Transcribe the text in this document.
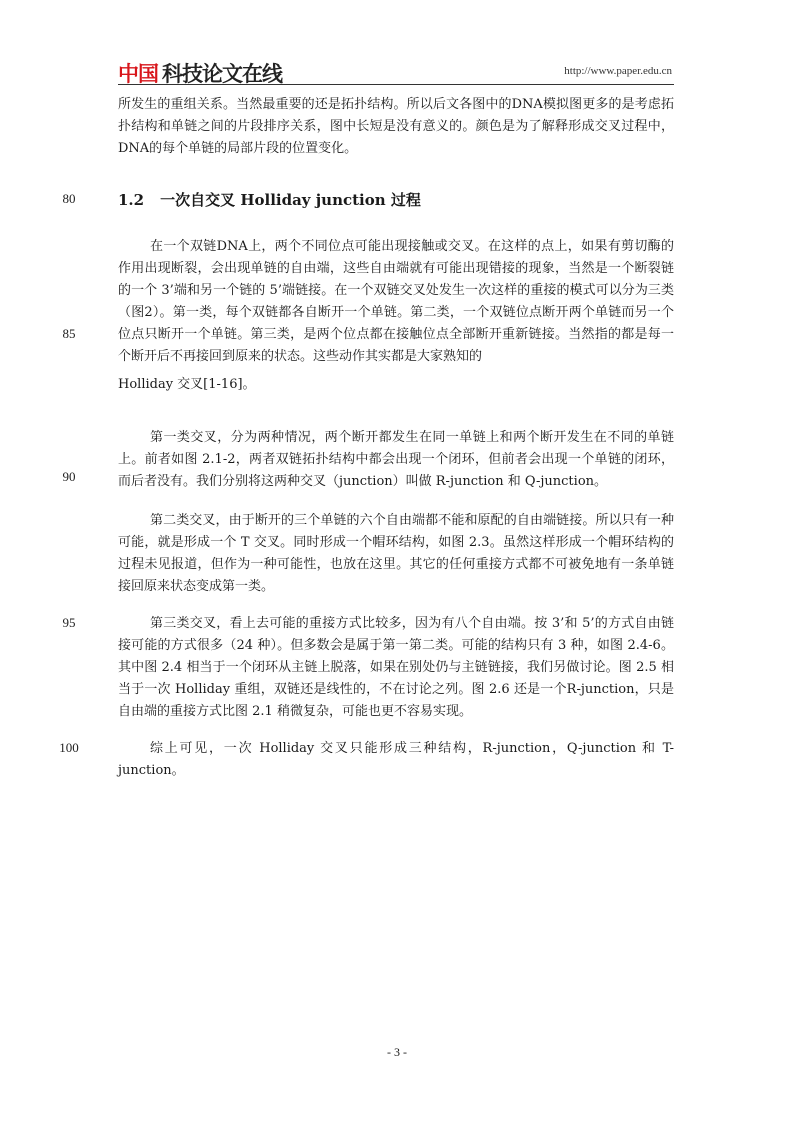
中国 科技论文在线	http://www.paper.edu.cn

所发生的重组关系。当然最重要的还是拓扑结构。所以后文各图中的DNA模拟图更多的是考虑拓扑结构和单链之间的片段排序关系，图中长短是没有意义的。颜色是为了解释形成交叉过程中，DNA的每个单链的局部片段的位置变化。

80	1.2 一次自交叉 Holliday junction 过程

在一个双链DNA上，两个不同位点可能出现接触或交叉。在这样的点上，如果有剪切酶的作用出现断裂，会出现单链的自由端，这些自由端就有可能出现错接的现象，当然是一个断裂链的一个 3’端和另一个链的 5’端链接。在一个双链交叉处发生一次这样的重接的模式可以分为三类（图2）。第一类，每个双链都各自断开一个单链。第二类，一个双链位点断开两个单链而另一个位点只断开一个单链。第三类，是两个位点都在接触位点全部断开重新链接。当然指的都是每一个断开后不再接回到原来的状态。这些动作其实都是大家熟知的

85

Holliday 交叉[1-16]。

第一类交叉，分为两种情况，两个断开都发生在同一单链上和两个断开发生在不同的单链上。前者如图 2.1-2，两者双链拓扑结构中都会出现一个闭环，但前者会出现一个单链的闭环，而后者没有。我们分别将这两种交叉（junction）叫做 R-junction 和 Q-junction。

90

第二类交叉，由于断开的三个单链的六个自由端都不能和原配的自由端链接。所以只有一种可能，就是形成一个 T 交叉。同时形成一个帽环结构，如图 2.3。虽然这样形成一个帽环结构的过程未见报道，但作为一种可能性，也放在这里。其它的任何重接方式都不可被免地有一条单链接回原来状态变成第一类。

第三类交叉，看上去可能的重接方式比较多，因为有八个自由端。按 3’和 5’的方式自由链接可能的方式很多（24 种）。但多数会是属于第一第二类。可能的结构只有 3 种，如图 2.4-6。其中图 2.4 相当于一个闭环从主链上脱落，如果在别处仍与主链链接，我们另做讨论。图 2.5 相当于一次 Holliday 重组，双链还是线性的，不在讨论之列。图 2.6 还是一个R-junction，只是自由端的重接方式比图 2.1 稍微复杂，可能也更不容易实现。

95
100	综上可见，一次 Holliday 交叉只能形成三种结构，R-junction，Q-junction 和 T-junction。

- 3 -
